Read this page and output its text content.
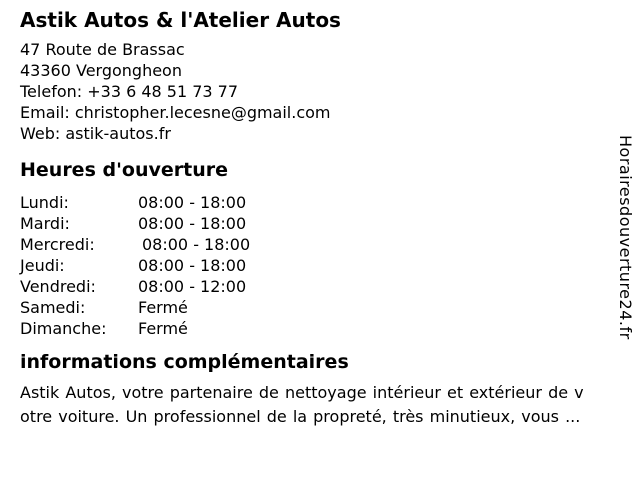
Astik Autos & l'Atelier Autos
47 Route de Brassac
43360 Vergongheon
Telefon: +33 6 48 51 73 77
Email: christopher.lecesne@gmail.com
Web: astik-autos.fr
Heures d'ouverture
Lundi:	08:00 - 18:00
Mardi:	08:00 - 18:00
Mercredi:	08:00 - 18:00
Jeudi:	08:00 - 18:00
Vendredi:	08:00 - 12:00
Samedi:	Fermé
Dimanche: Fermé
informations complémentaires
Astik Autos, votre partenaire de nettoyage intérieur et extérieur de v
otre voiture. Un professionnel de la propreté, très minutieux, vous ...
Horairesdouverture24.fr
